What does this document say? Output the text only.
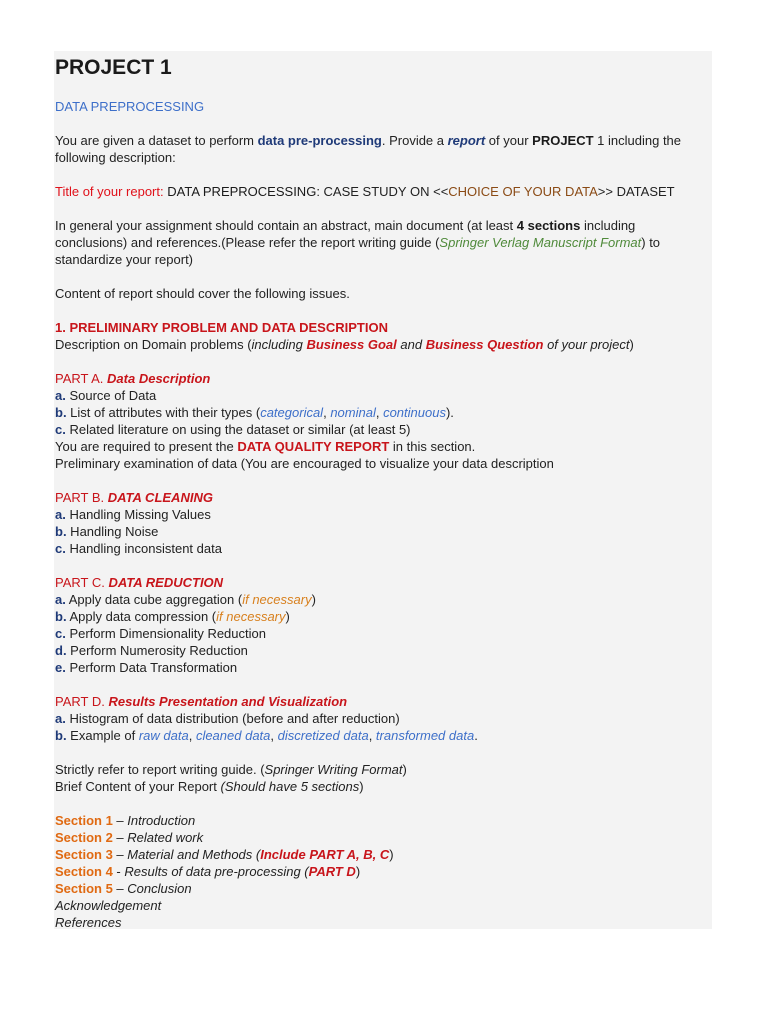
PROJECT 1
DATA PREPROCESSING

You are given a dataset to perform data pre-processing. Provide a report of your PROJECT 1 including the
following description:

Title of your report: DATA PREPROCESSING: CASE STUDY ON <<CHOICE OF YOUR DATA>> DATASET

In general your assignment should contain an abstract, main document (at least 4 sections including
conclusions) and references.(Please refer the report writing guide (Springer Verlag Manuscript Format) to
standardize your report)

Content of report should cover the following issues.

1. PRELIMINARY PROBLEM AND DATA DESCRIPTION

Description on Domain problems (including Business Goal and Business Question of your project)

PART A. Data Description

a. Source of Data

b. List of attributes with their types (categorical, nominal, continuous).

c. Related literature on using the dataset or similar (at least 5)

You are required to present the DATA QUALITY REPORT in this section.

Preliminary examination of data (You are encouraged to visualize your data description

PART B. DATA CLEANING

a. Handling Missing Values

b. Handling Noise

c. Handling inconsistent data

PART C. DATA REDUCTION

a. Apply data cube aggregation (if necessary)

b. Apply data compression (if necessary)

c. Perform Dimensionality Reduction

d. Perform Numerosity Reduction

e. Perform Data Transformation

PART D. Results Presentation and Visualization

a. Histogram of data distribution (before and after reduction)

b. Example of raw data, cleaned data, discretized data, transformed data.

Strictly refer to report writing guide. (Springer Writing Format)

Brief Content of your Report (Should have 5 sections)

Section 1 – Introduction

Section 2 – Related work

Section 3 – Material and Methods (Include PART A, B, C)

Section 4 - Results of data pre-processing (PART D)

Section 5 – Conclusion

Acknowledgement

References
